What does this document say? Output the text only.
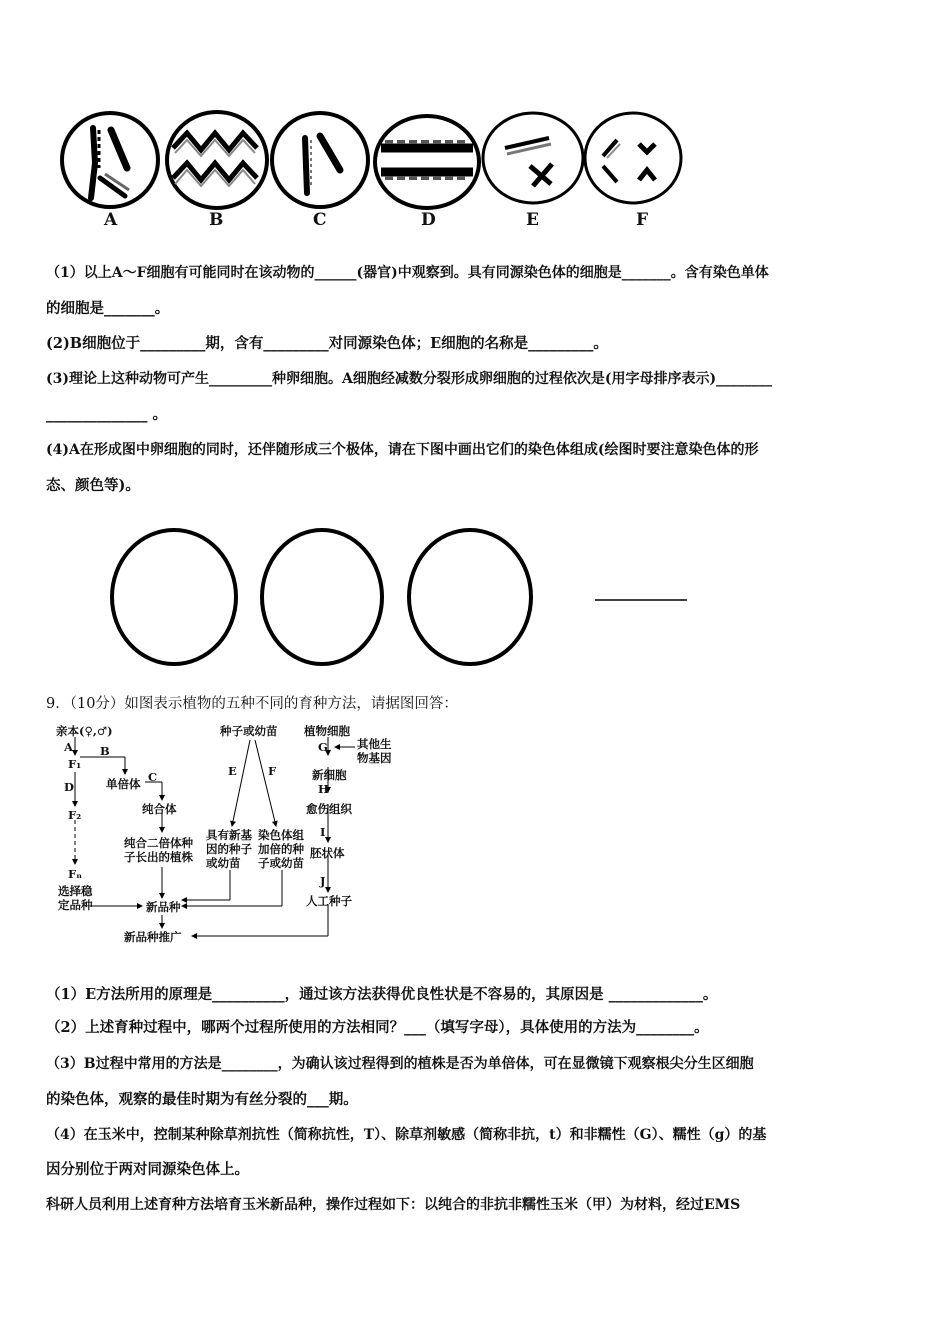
A	B	C	D	E	F
（1）以上A～F细胞有可能同时在该动物的______(器官)中观察到。具有同源染色体的细胞是_______。含有染色单体
的细胞是_______。
(2)B细胞位于_________期，含有_________对同源染色体；E细胞的名称是_________。
(3)理论上这种动物可产生_________种卵细胞。A细胞经减数分裂形成卵细胞的过程依次是(用字母排序表示)________
______________ 。
(4)A在形成图中卵细胞的同时，还伴随形成三个极体，请在下图中画出它们的染色体组成(绘图时要注意染色体的形
态、颜色等)。
9．（10分）如图表示植物的五种不同的育种方法，请据图回答：
亲本(♀,♂)
A
F₁
B
单倍体 C
纯合体
纯合二倍体种
子长出的植株
D
F₂
Fₙ
选择稳
定品种	新品种
新品种推广
种子或幼苗
E	F
具有新基
因的种子
或幼苗
染色体组
加倍的种
子或幼苗
植物细胞
G	其他生
物基因
新细胞
H
愈伤组织
I
胚状体
J
人工种子
（1）E方法所用的原理是__________，通过该方法获得优良性状是不容易的，其原因是 _____________。
（2）上述育种过程中，哪两个过程所使用的方法相同？___（填写字母），具体使用的方法为________。
（3）B过程中常用的方法是________，为确认该过程得到的植株是否为单倍体，可在显微镜下观察根尖分生区细胞
的染色体，观察的最佳时期为有丝分裂的___期。
（4）在玉米中，控制某种除草剂抗性（简称抗性，T）、除草剂敏感（简称非抗，t）和非糯性（G）、糯性（g）的基
因分别位于两对同源染色体上。
科研人员利用上述育种方法培育玉米新品种，操作过程如下：以纯合的非抗非糯性玉米（甲）为材料，经过EMS
